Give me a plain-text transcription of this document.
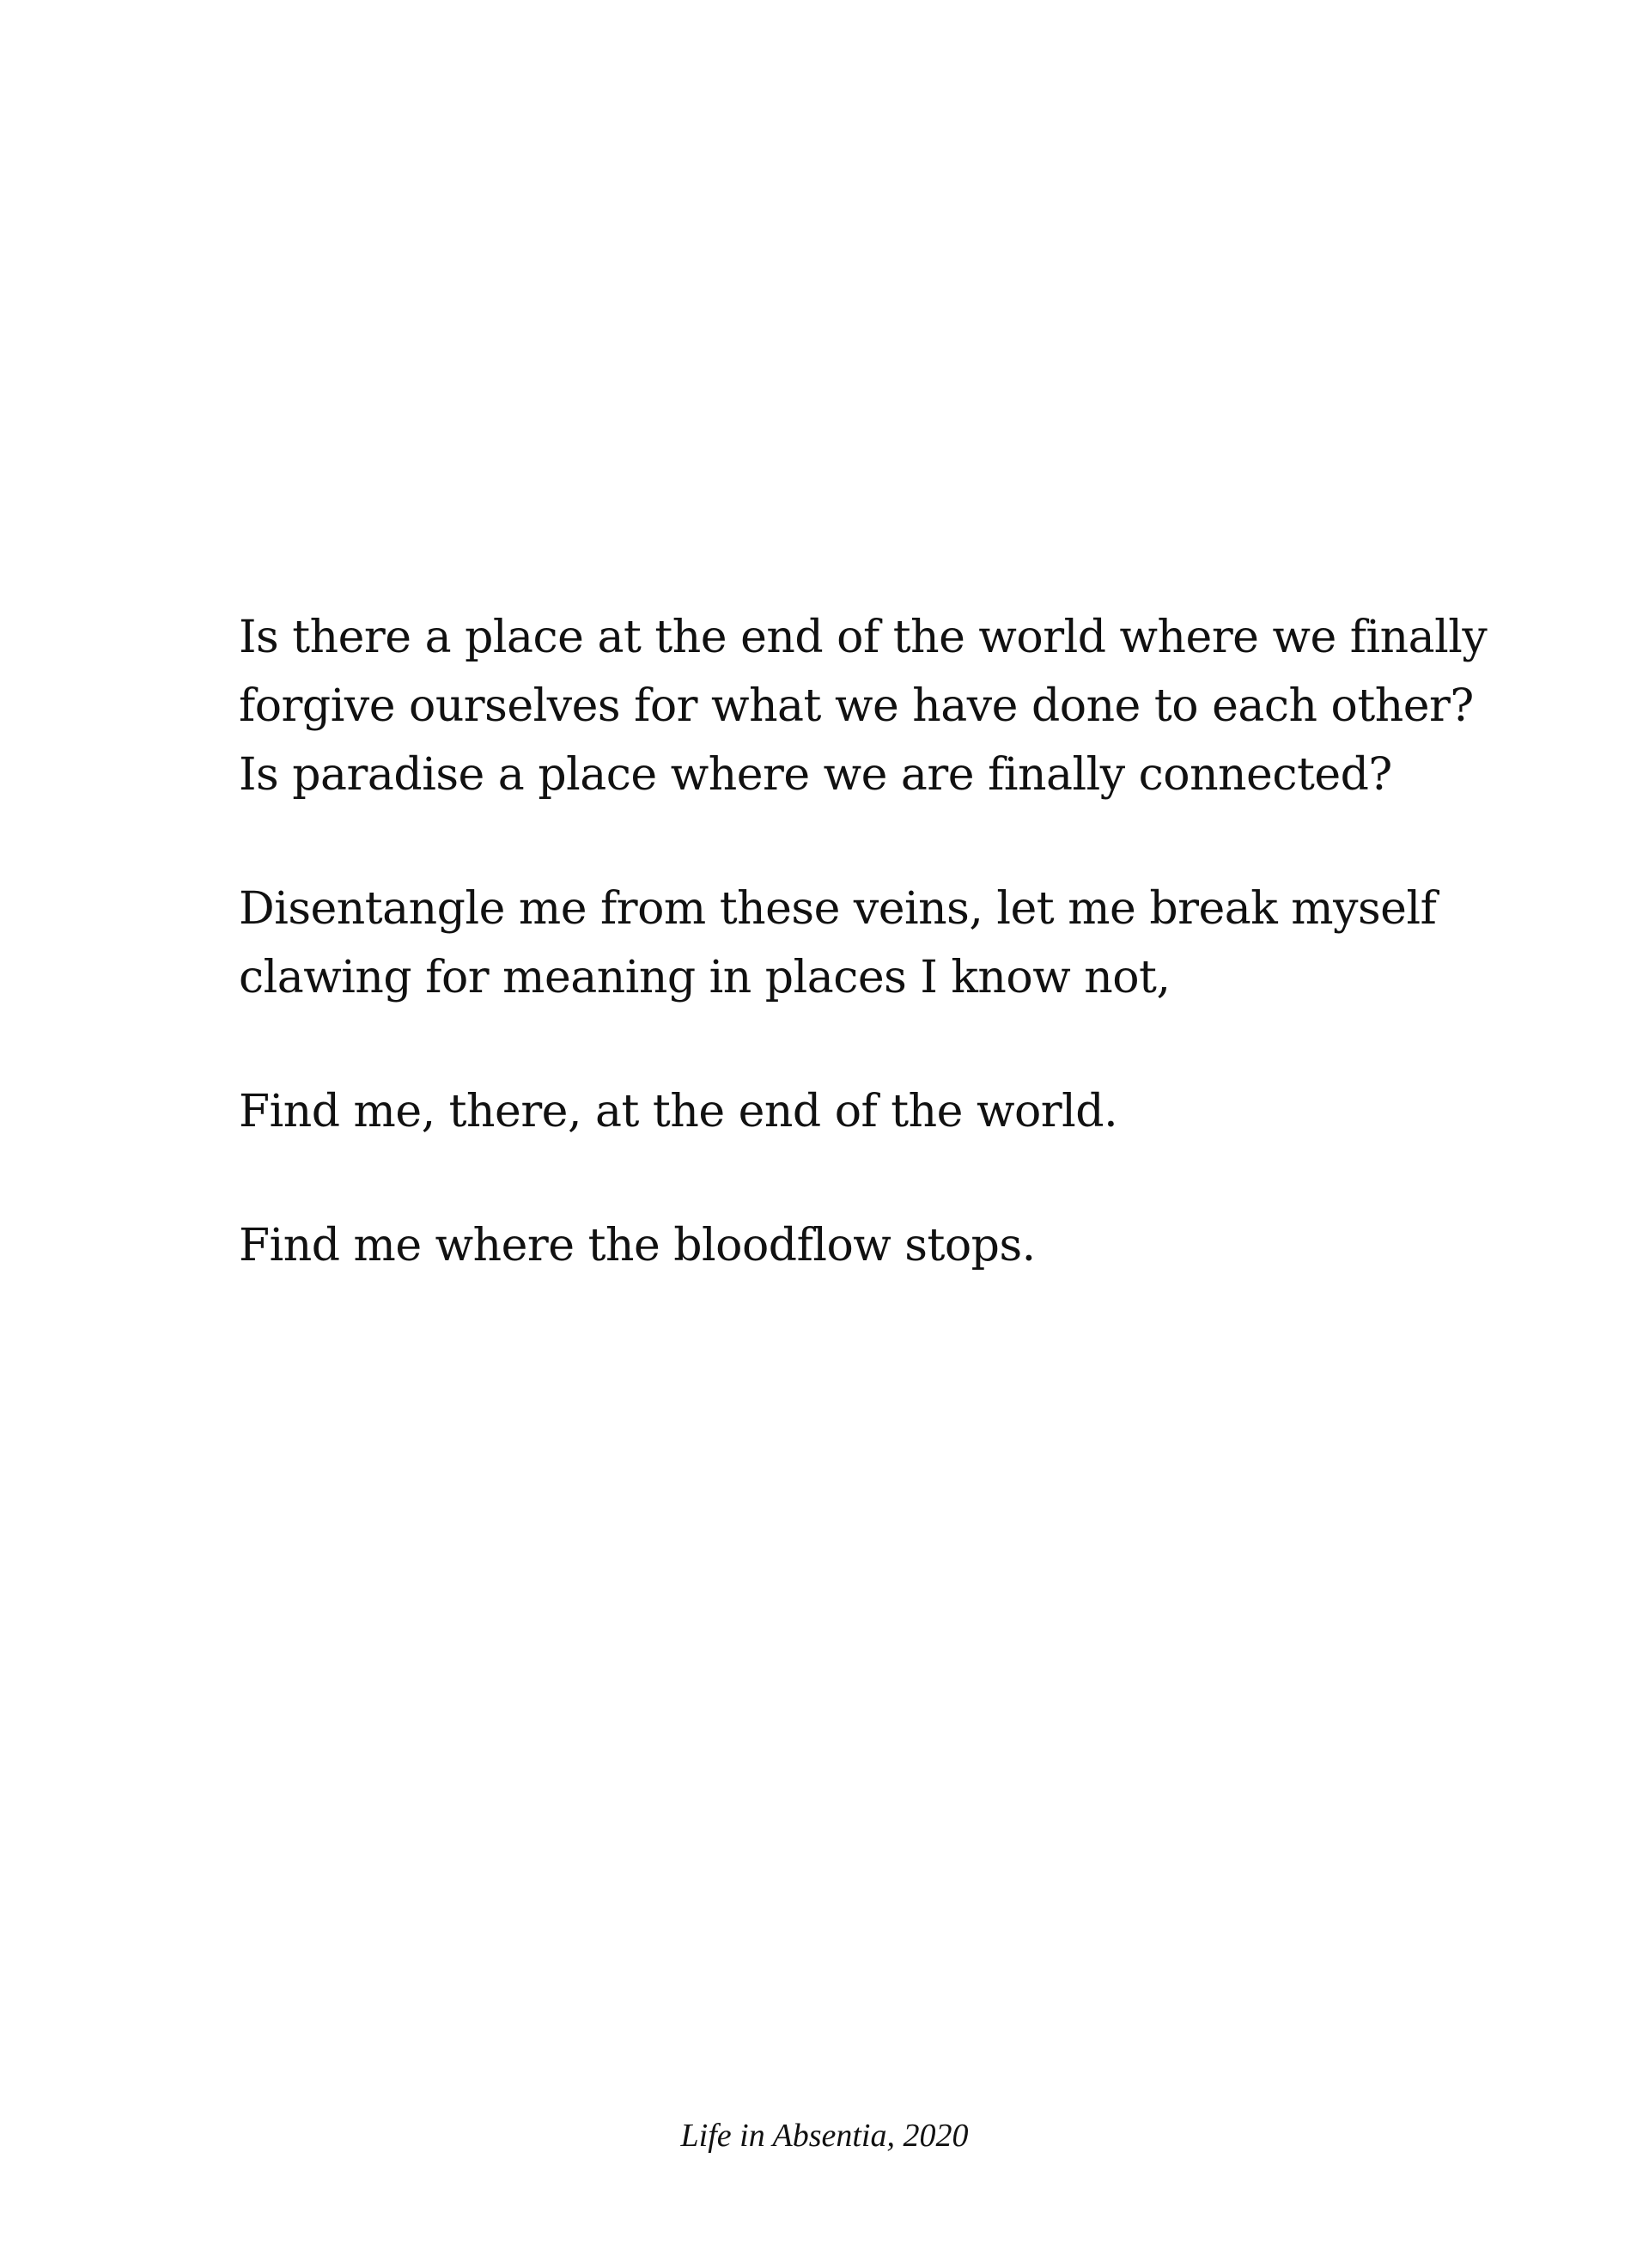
Is there a place at the end of the world where we finally
forgive ourselves for what we have done to each other?
Is paradise a place where we are finally connected?
Disentangle me from these veins, let me break myself
clawing for meaning in places I know not,
Find me, there, at the end of the world.
Find me where the bloodflow stops.
Life in Absentia, 2020
